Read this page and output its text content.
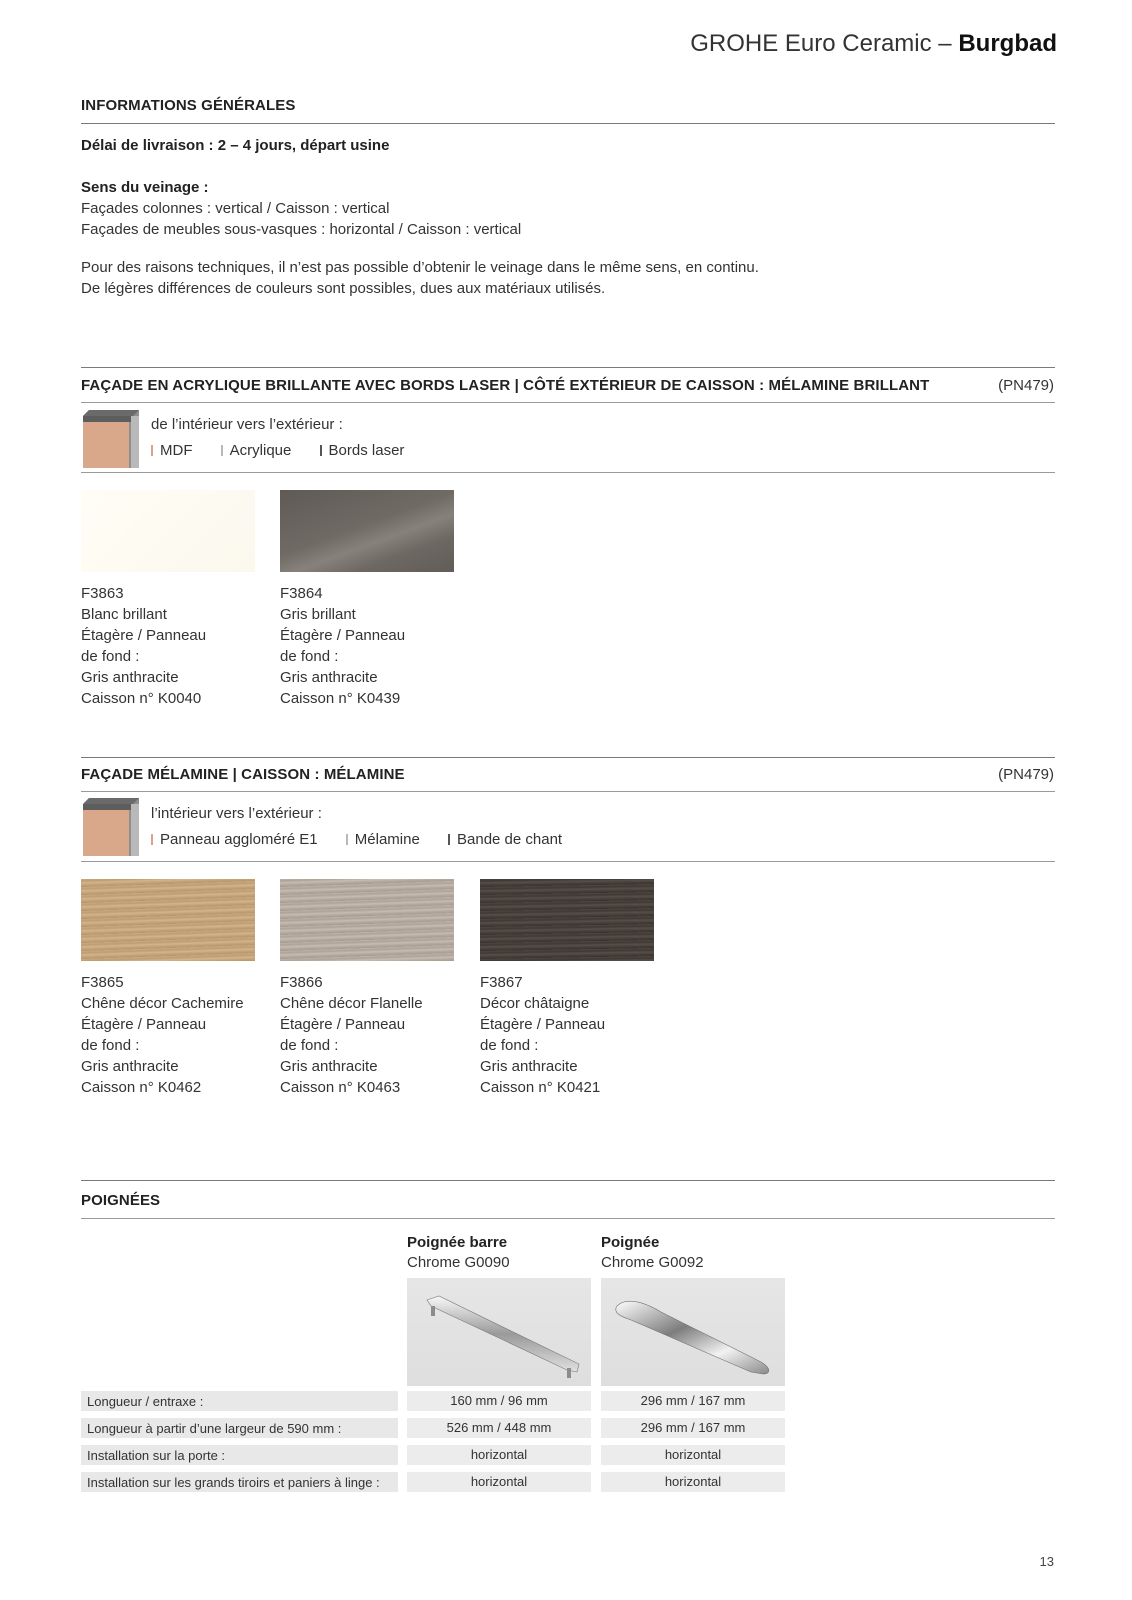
GROHE Euro Ceramic – Burgbad
INFORMATIONS GÉNÉRALES
Délai de livraison : 2 – 4 jours, départ usine
Sens du veinage :
Façades colonnes : vertical / Caisson : vertical
Façades de meubles sous-vasques : horizontal / Caisson : vertical
Pour des raisons techniques, il n’est pas possible d’obtenir le veinage dans le même sens, en continu.
De légères différences de couleurs sont possibles, dues aux matériaux utilisés.
FAÇADE EN ACRYLIQUE BRILLANTE AVEC BORDS LASER | CÔTÉ EXTÉRIEUR DE CAISSON : MÉLAMINE BRILLANT	(PN479)
de l’intérieur vers l’extérieur :
MDF Acrylique Bords laser
F3863
Blanc brillant
Étagère / Panneau
de fond :
Gris anthracite
Caisson n° K0040
F3864
Gris brillant
Étagère / Panneau
de fond :
Gris anthracite
Caisson n° K0439
FAÇADE MÉLAMINE | CAISSON : MÉLAMINE	(PN479)
l’intérieur vers l’extérieur :
Panneau aggloméré E1 Mélamine Bande de chant
F3865
Chêne décor Cachemire
Étagère / Panneau
de fond :
Gris anthracite
Caisson n° K0462
F3866
Chêne décor Flanelle
Étagère / Panneau
de fond :
Gris anthracite
Caisson n° K0463
F3867
Décor châtaigne
Étagère / Panneau
de fond :
Gris anthracite
Caisson n° K0421
POIGNÉES
Poignée barre
Chrome G0090
Poignée
Chrome G0092
Longueur / entraxe :	160 mm / 96 mm	296 mm / 167 mm
Longueur à partir d’une largeur de 590 mm :	526 mm / 448 mm	296 mm / 167 mm
Installation sur la porte :	horizontal	horizontal
Installation sur les grands tiroirs et paniers à linge :	horizontal	horizontal
13
